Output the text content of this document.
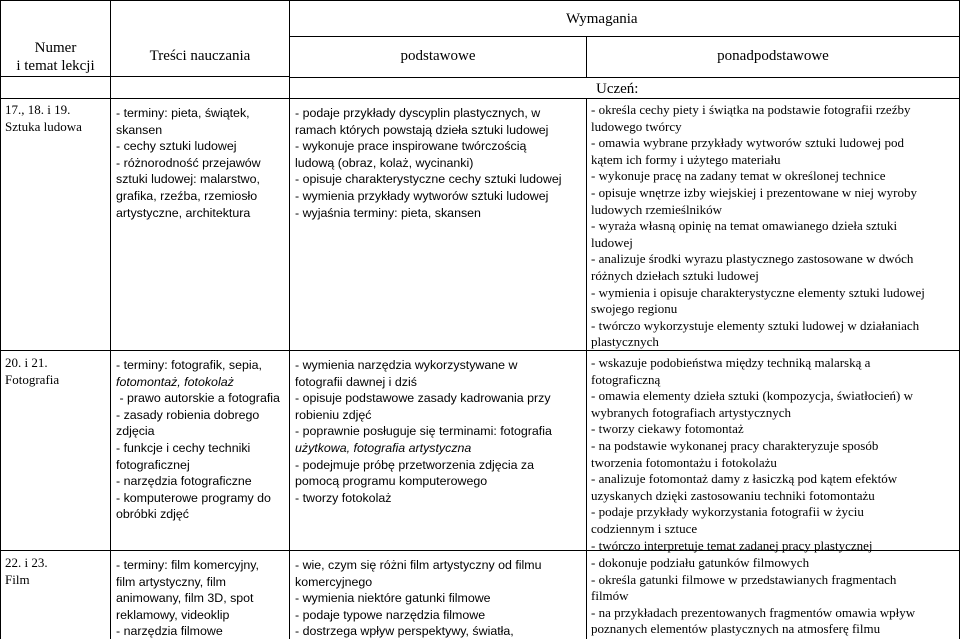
Numer
i temat lekcji
Treści nauczania
Wymagania
podstawowe	ponadpodstawowe
Uczeń:
17., 18. i 19.
Sztuka ludowa
- terminy: pieta, świątek,
skansen
- cechy sztuki ludowej
- różnorodność przejawów
sztuki ludowej: malarstwo,
grafika, rzeźba, rzemiosło
artystyczne, architektura
- podaje przykłady dyscyplin plastycznych, w
ramach których powstają dzieła sztuki ludowej
- wykonuje prace inspirowane twórczością
ludową (obraz, kolaż, wycinanki)
- opisuje charakterystyczne cechy sztuki ludowej
- wymienia przykłady wytworów sztuki ludowej
- wyjaśnia terminy: pieta, skansen
- określa cechy piety i świątka na podstawie fotografii rzeźby
ludowego twórcy
- omawia wybrane przykłady wytworów sztuki ludowej pod
kątem ich formy i użytego materiału
- wykonuje pracę na zadany temat w określonej technice
- opisuje wnętrze izby wiejskiej i prezentowane w niej wyroby
ludowych rzemieślników
- wyraża własną opinię na temat omawianego dzieła sztuki
ludowej
- analizuje środki wyrazu plastycznego zastosowane w dwóch
różnych dziełach sztuki ludowej
- wymienia i opisuje charakterystyczne elementy sztuki ludowej
swojego regionu
- twórczo wykorzystuje elementy sztuki ludowej w działaniach
plastycznych
20. i 21.
Fotografia
- terminy: fotografik, sepia,
fotomontaż, fotokolaż
- prawo autorskie a fotografia
- zasady robienia dobrego
zdjęcia
- funkcje i cechy techniki
fotograficznej
- narzędzia fotograficzne
- komputerowe programy do
obróbki zdjęć
- wymienia narzędzia wykorzystywane w
fotografii dawnej i dziś
- opisuje podstawowe zasady kadrowania przy
robieniu zdjęć
- poprawnie posługuje się terminami: fotografia
użytkowa, fotografia artystyczna
- podejmuje próbę przetworzenia zdjęcia za
pomocą programu komputerowego
- tworzy fotokolaż
- wskazuje podobieństwa między techniką malarską a
fotograficzną
- omawia elementy dzieła sztuki (kompozycja, światłocień) w
wybranych fotografiach artystycznych
- tworzy ciekawy fotomontaż
- na podstawie wykonanej pracy charakteryzuje sposób
tworzenia fotomontażu i fotokolażu
- analizuje fotomontaż damy z łasiczką pod kątem efektów
uzyskanych dzięki zastosowaniu techniki fotomontażu
- podaje przykłady wykorzystania fotografii w życiu
codziennym i sztuce
- twórczo interpretuje temat zadanej pracy plastycznej
22. i 23.
Film
- terminy: film komercyjny,
film artystyczny, film
animowany, film 3D, spot
reklamowy, videoklip
- narzędzia filmowe
- wie, czym się różni film artystyczny od filmu
komercyjnego
- wymienia niektóre gatunki filmowe
- podaje typowe narzędzia filmowe
- dostrzega wpływ perspektywy, światła,
- dokonuje podziału gatunków filmowych
- określa gatunki filmowe w przedstawianych fragmentach
filmów
- na przykładach prezentowanych fragmentów omawia wpływ
poznanych elementów plastycznych na atmosferę filmu
